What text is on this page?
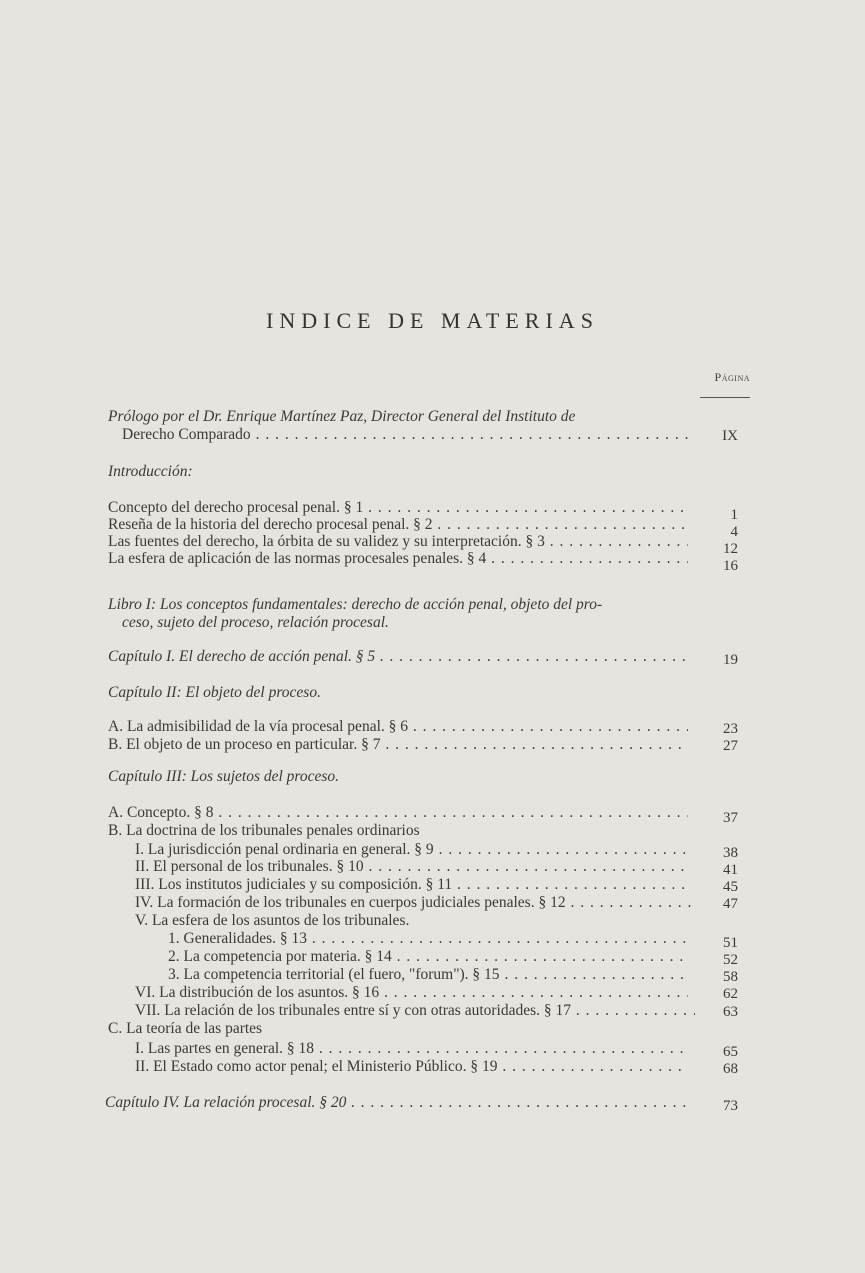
INDICE DE MATERIAS
Página
Prólogo por el Dr. Enrique Martínez Paz, Director General del Instituto de
Derecho Comparado . . .	IX
Introducción:
Concepto del derecho procesal penal. § 1 . . .	1
Reseña de la historia del derecho procesal penal. § 2 . . .	4
Las fuentes del derecho, la órbita de su validez y su interpretación. § 3 . . .	12
La esfera de aplicación de las normas procesales penales. § 4 . . .	16
Libro I: Los conceptos fundamentales: derecho de acción penal, objeto del pro-
ceso, sujeto del proceso, relación procesal.
Capítulo I. El derecho de acción penal. § 5 . . .	19
Capítulo II: El objeto del proceso.
A. La admisibilidad de la vía procesal penal. § 6 . . .	23
B. El objeto de un proceso en particular. § 7 . . .	27
Capítulo III: Los sujetos del proceso.
A. Concepto. § 8 . . .	37
B. La doctrina de los tribunales penales ordinarios
I. La jurisdicción penal ordinaria en general. § 9 . . .	38
II. El personal de los tribunales. § 10 . . .	41
III. Los institutos judiciales y su composición. § 11 . . .	45
IV. La formación de los tribunales en cuerpos judiciales penales. § 12 . . .	47
V. La esfera de los asuntos de los tribunales.
1. Generalidades. § 13 . . .	51
2. La competencia por materia. § 14 . . .	52
3. La competencia territorial (el fuero, "forum"). § 15 . . .	58
VI. La distribución de los asuntos. § 16 . . .	62
VII. La relación de los tribunales entre sí y con otras autoridades. § 17 . . .	63
C. La teoría de las partes
I. Las partes en general. § 18 . . .	65
II. El Estado como actor penal; el Ministerio Público. § 19 . . .	68
Capítulo IV. La relación procesal. § 20 . . .	73
